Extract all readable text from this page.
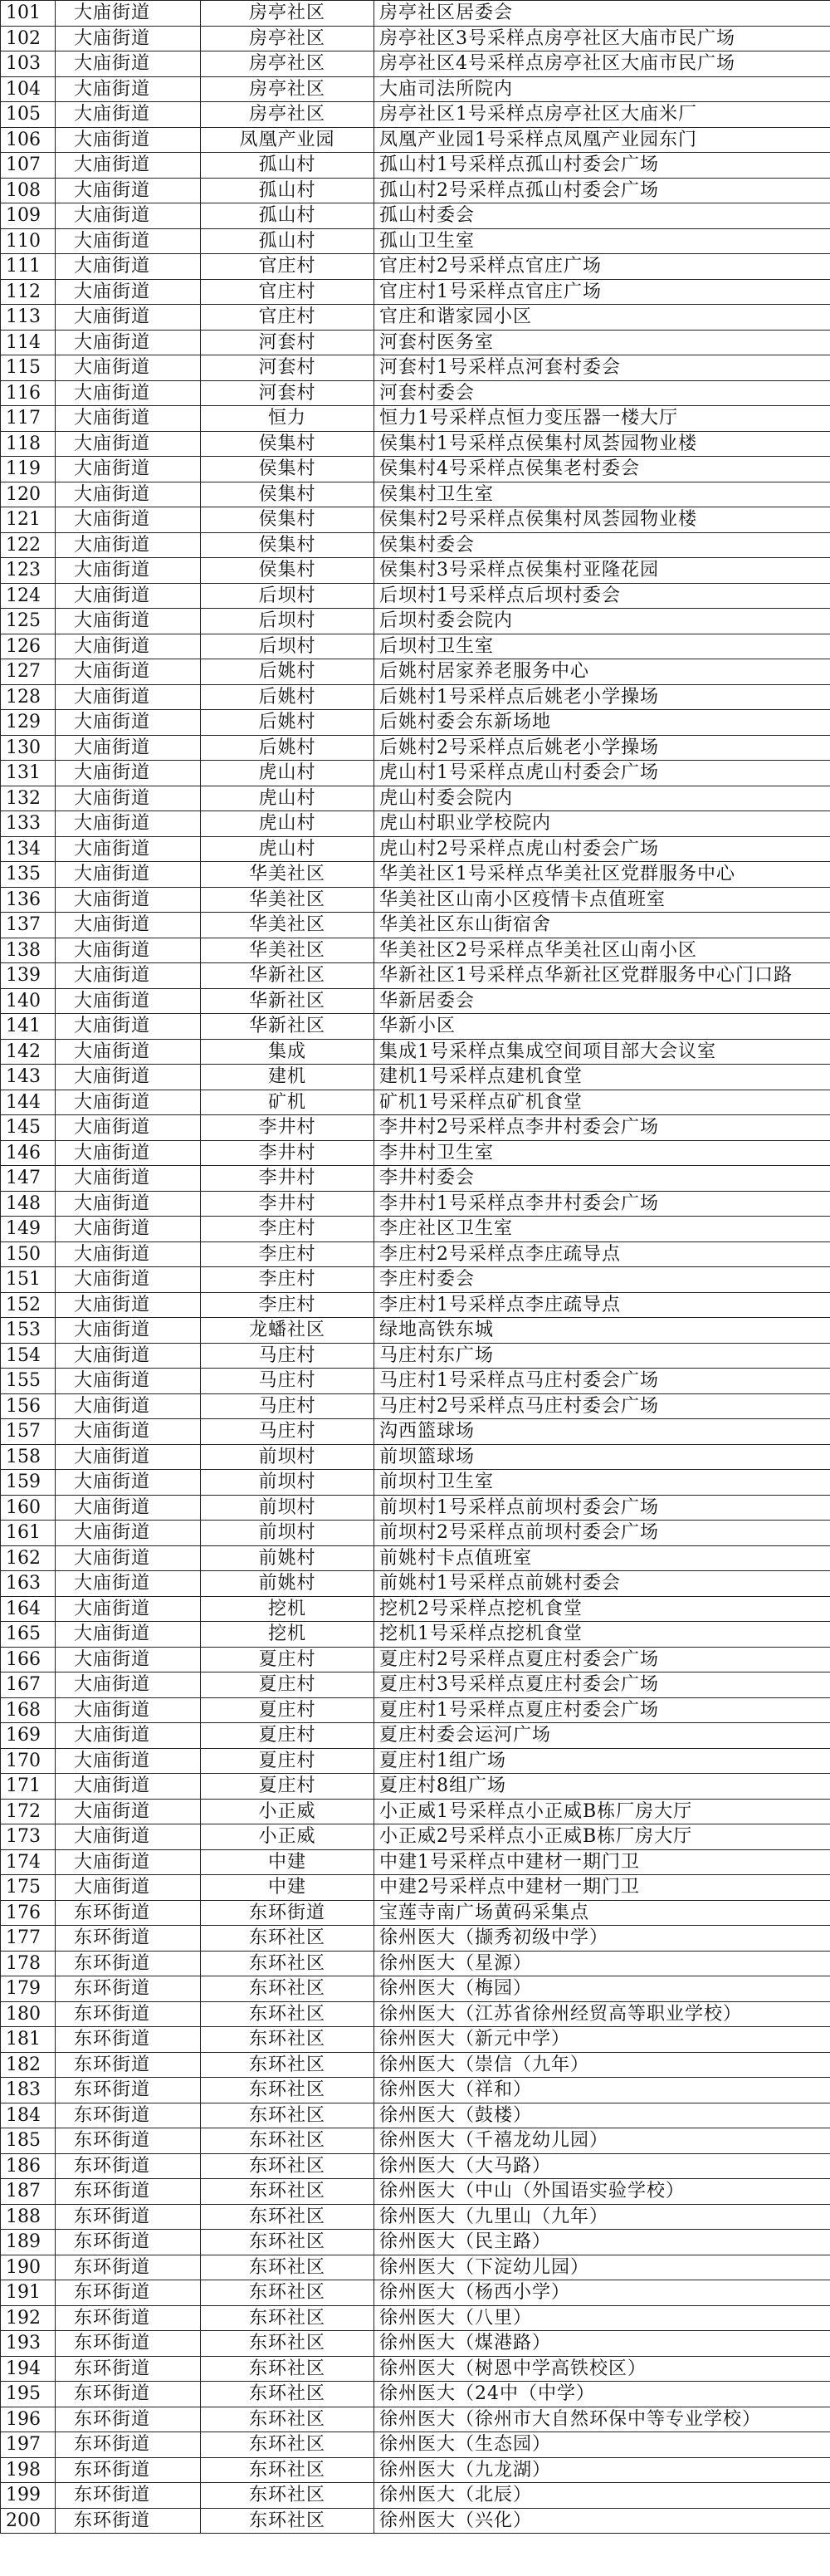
101	大庙街道	房亭社区	房亭社区居委会
102	大庙街道	房亭社区	房亭社区3号采样点房亭社区大庙市民广场
103	大庙街道	房亭社区	房亭社区4号采样点房亭社区大庙市民广场
104	大庙街道	房亭社区	大庙司法所院内
105	大庙街道	房亭社区	房亭社区1号采样点房亭社区大庙米厂
106	大庙街道	凤凰产业园	凤凰产业园1号采样点凤凰产业园东门
107	大庙街道	孤山村	孤山村1号采样点孤山村委会广场
108	大庙街道	孤山村	孤山村2号采样点孤山村委会广场
109	大庙街道	孤山村	孤山村委会
110	大庙街道	孤山村	孤山卫生室
111	大庙街道	官庄村	官庄村2号采样点官庄广场
112	大庙街道	官庄村	官庄村1号采样点官庄广场
113	大庙街道	官庄村	官庄和谐家园小区
114	大庙街道	河套村	河套村医务室
115	大庙街道	河套村	河套村1号采样点河套村委会
116	大庙街道	河套村	河套村委会
117	大庙街道	恒力	恒力1号采样点恒力变压器一楼大厅
118	大庙街道	侯集村	侯集村1号采样点侯集村凤荟园物业楼
119	大庙街道	侯集村	侯集村4号采样点侯集老村委会
120	大庙街道	侯集村	侯集村卫生室
121	大庙街道	侯集村	侯集村2号采样点侯集村凤荟园物业楼
122	大庙街道	侯集村	侯集村委会
123	大庙街道	侯集村	侯集村3号采样点侯集村亚隆花园
124	大庙街道	后坝村	后坝村1号采样点后坝村委会
125	大庙街道	后坝村	后坝村委会院内
126	大庙街道	后坝村	后坝村卫生室
127	大庙街道	后姚村	后姚村居家养老服务中心
128	大庙街道	后姚村	后姚村1号采样点后姚老小学操场
129	大庙街道	后姚村	后姚村委会东新场地
130	大庙街道	后姚村	后姚村2号采样点后姚老小学操场
131	大庙街道	虎山村	虎山村1号采样点虎山村委会广场
132	大庙街道	虎山村	虎山村委会院内
133	大庙街道	虎山村	虎山村职业学校院内
134	大庙街道	虎山村	虎山村2号采样点虎山村委会广场
135	大庙街道	华美社区	华美社区1号采样点华美社区党群服务中心
136	大庙街道	华美社区	华美社区山南小区疫情卡点值班室
137	大庙街道	华美社区	华美社区东山街宿舍
138	大庙街道	华美社区	华美社区2号采样点华美社区山南小区
139	大庙街道	华新社区	华新社区1号采样点华新社区党群服务中心门口路
140	大庙街道	华新社区	华新居委会
141	大庙街道	华新社区	华新小区
142	大庙街道	集成	集成1号采样点集成空间项目部大会议室
143	大庙街道	建机	建机1号采样点建机食堂
144	大庙街道	矿机	矿机1号采样点矿机食堂
145	大庙街道	李井村	李井村2号采样点李井村委会广场
146	大庙街道	李井村	李井村卫生室
147	大庙街道	李井村	李井村委会
148	大庙街道	李井村	李井村1号采样点李井村委会广场
149	大庙街道	李庄村	李庄社区卫生室
150	大庙街道	李庄村	李庄村2号采样点李庄疏导点
151	大庙街道	李庄村	李庄村委会
152	大庙街道	李庄村	李庄村1号采样点李庄疏导点
153	大庙街道	龙蟠社区	绿地高铁东城
154	大庙街道	马庄村	马庄村东广场
155	大庙街道	马庄村	马庄村1号采样点马庄村委会广场
156	大庙街道	马庄村	马庄村2号采样点马庄村委会广场
157	大庙街道	马庄村	沟西篮球场
158	大庙街道	前坝村	前坝篮球场
159	大庙街道	前坝村	前坝村卫生室
160	大庙街道	前坝村	前坝村1号采样点前坝村委会广场
161	大庙街道	前坝村	前坝村2号采样点前坝村委会广场
162	大庙街道	前姚村	前姚村卡点值班室
163	大庙街道	前姚村	前姚村1号采样点前姚村委会
164	大庙街道	挖机	挖机2号采样点挖机食堂
165	大庙街道	挖机	挖机1号采样点挖机食堂
166	大庙街道	夏庄村	夏庄村2号采样点夏庄村委会广场
167	大庙街道	夏庄村	夏庄村3号采样点夏庄村委会广场
168	大庙街道	夏庄村	夏庄村1号采样点夏庄村委会广场
169	大庙街道	夏庄村	夏庄村委会运河广场
170	大庙街道	夏庄村	夏庄村1组广场
171	大庙街道	夏庄村	夏庄村8组广场
172	大庙街道	小正威	小正威1号采样点小正威B栋厂房大厅
173	大庙街道	小正威	小正威2号采样点小正威B栋厂房大厅
174	大庙街道	中建	中建1号采样点中建材一期门卫
175	大庙街道	中建	中建2号采样点中建材一期门卫
176	东环街道	东环街道	宝莲寺南广场黄码采集点
177	东环街道	东环社区	徐州医大（撷秀初级中学）
178	东环街道	东环社区	徐州医大（星源）
179	东环街道	东环社区	徐州医大（梅园）
180	东环街道	东环社区	徐州医大（江苏省徐州经贸高等职业学校）
181	东环街道	东环社区	徐州医大（新元中学）
182	东环街道	东环社区	徐州医大（崇信（九年）
183	东环街道	东环社区	徐州医大（祥和）
184	东环街道	东环社区	徐州医大（鼓楼）
185	东环街道	东环社区	徐州医大（千禧龙幼儿园）
186	东环街道	东环社区	徐州医大（大马路）
187	东环街道	东环社区	徐州医大（中山（外国语实验学校）
188	东环街道	东环社区	徐州医大（九里山（九年）
189	东环街道	东环社区	徐州医大（民主路）
190	东环街道	东环社区	徐州医大（下淀幼儿园）
191	东环街道	东环社区	徐州医大（杨西小学）
192	东环街道	东环社区	徐州医大（八里）
193	东环街道	东环社区	徐州医大（煤港路）
194	东环街道	东环社区	徐州医大（树恩中学高铁校区）
195	东环街道	东环社区	徐州医大（24中（中学）
196	东环街道	东环社区	徐州医大（徐州市大自然环保中等专业学校）
197	东环街道	东环社区	徐州医大（生态园）
198	东环街道	东环社区	徐州医大（九龙湖）
199	东环街道	东环社区	徐州医大（北辰）
200	东环街道	东环社区	徐州医大（兴化）
